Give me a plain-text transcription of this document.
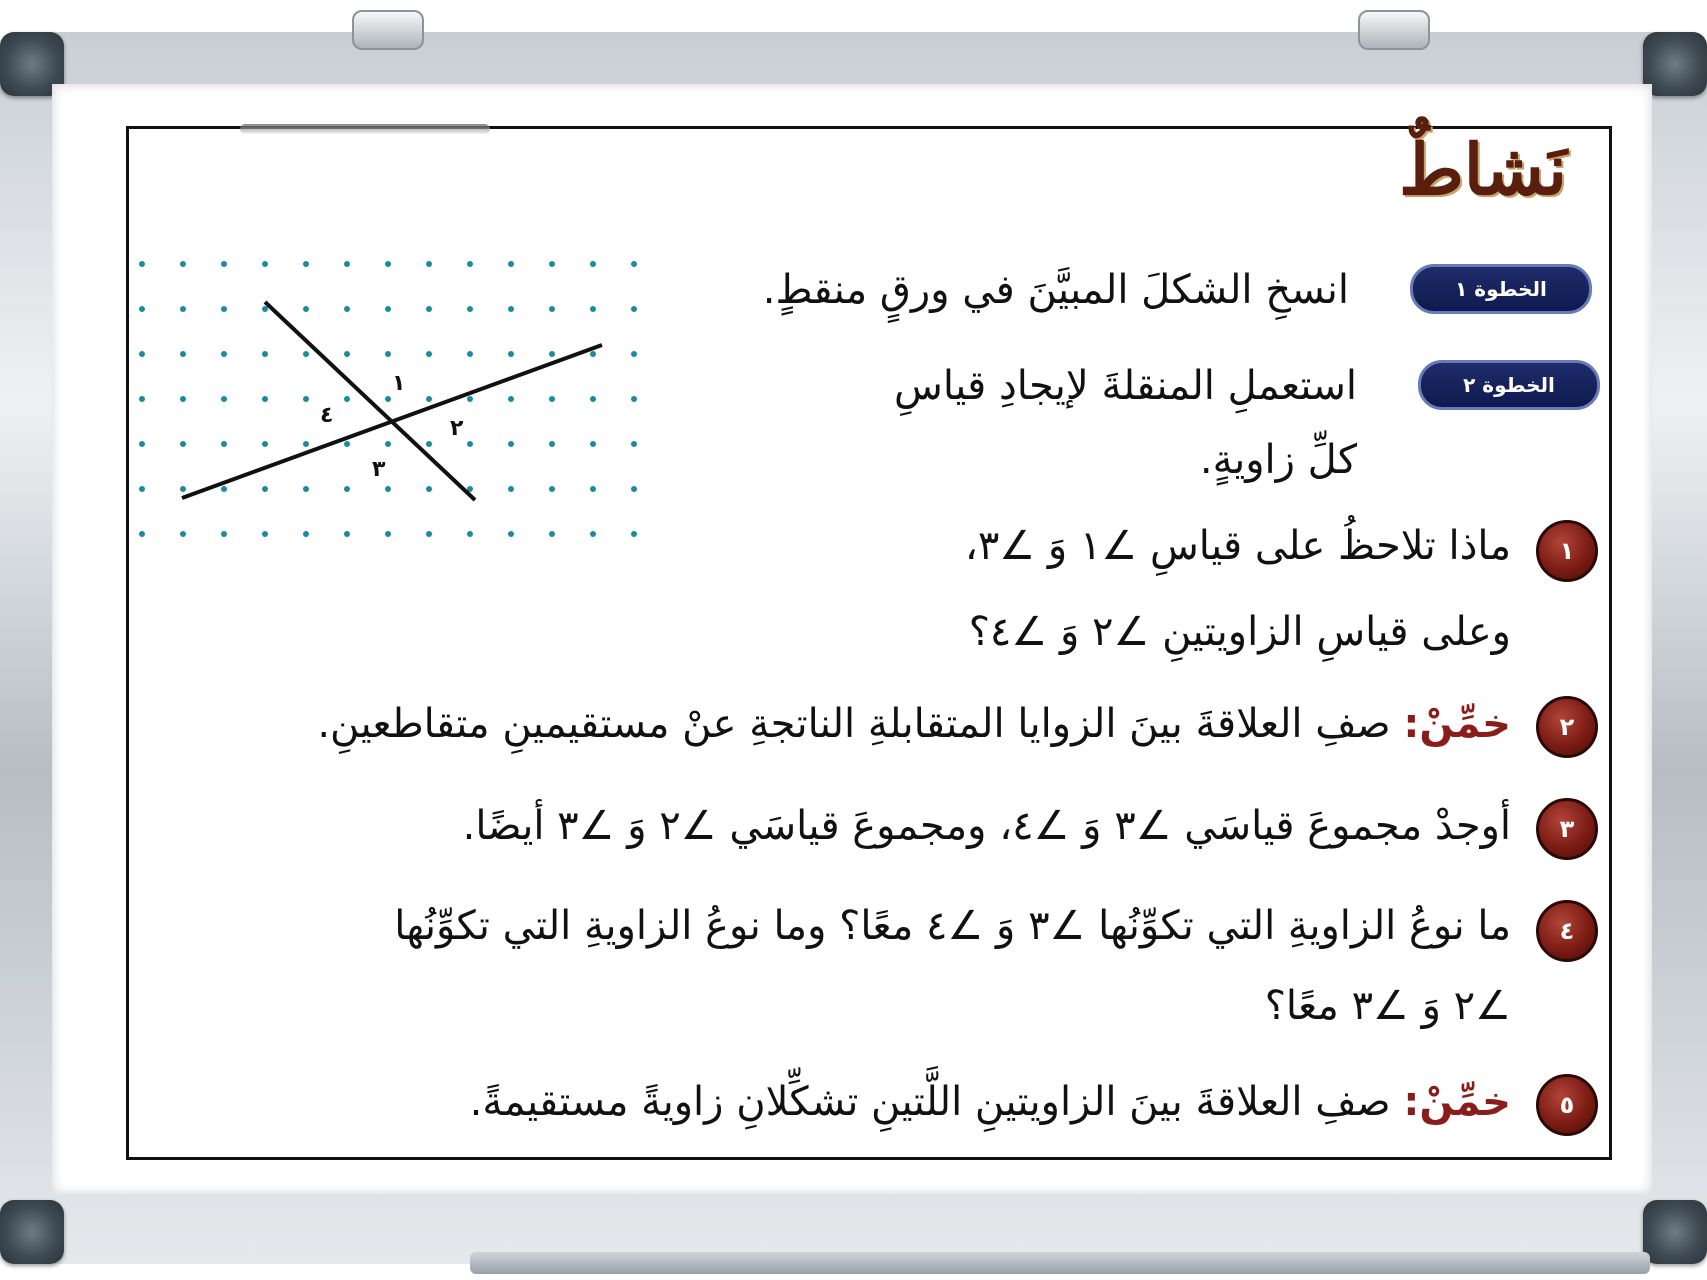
نَشاطٌ
الخطوة ١
انسخِ الشكلَ المبيَّنَ في ورقٍ منقطٍ.
الخطوة ٢
استعملِ المنقلةَ لإيجادِ قياسِ
كلِّ زاويةٍ.
١
٢
٣
٤
١
ماذا تلاحظُ على قياسِ ∠١ وَ ∠٣،
وعلى قياسِ الزاويتينِ ∠٢ وَ ∠٤؟
٢
خمِّنْ: صفِ العلاقةَ بينَ الزوايا المتقابلةِ الناتجةِ عنْ مستقيمينِ متقاطعينِ.
٣
أوجدْ مجموعَ قياسَي ∠٣ وَ ∠٤، ومجموعَ قياسَي ∠٢ وَ ∠٣ أيضًا.
٤
ما نوعُ الزاويةِ التي تكوِّنُها ∠٣ وَ ∠٤ معًا؟ وما نوعُ الزاويةِ التي تكوِّنُها
∠٢ وَ ∠٣ معًا؟
٥
خمِّنْ: صفِ العلاقةَ بينَ الزاويتينِ اللَّتينِ تشكِّلانِ زاويةً مستقيمةً.
